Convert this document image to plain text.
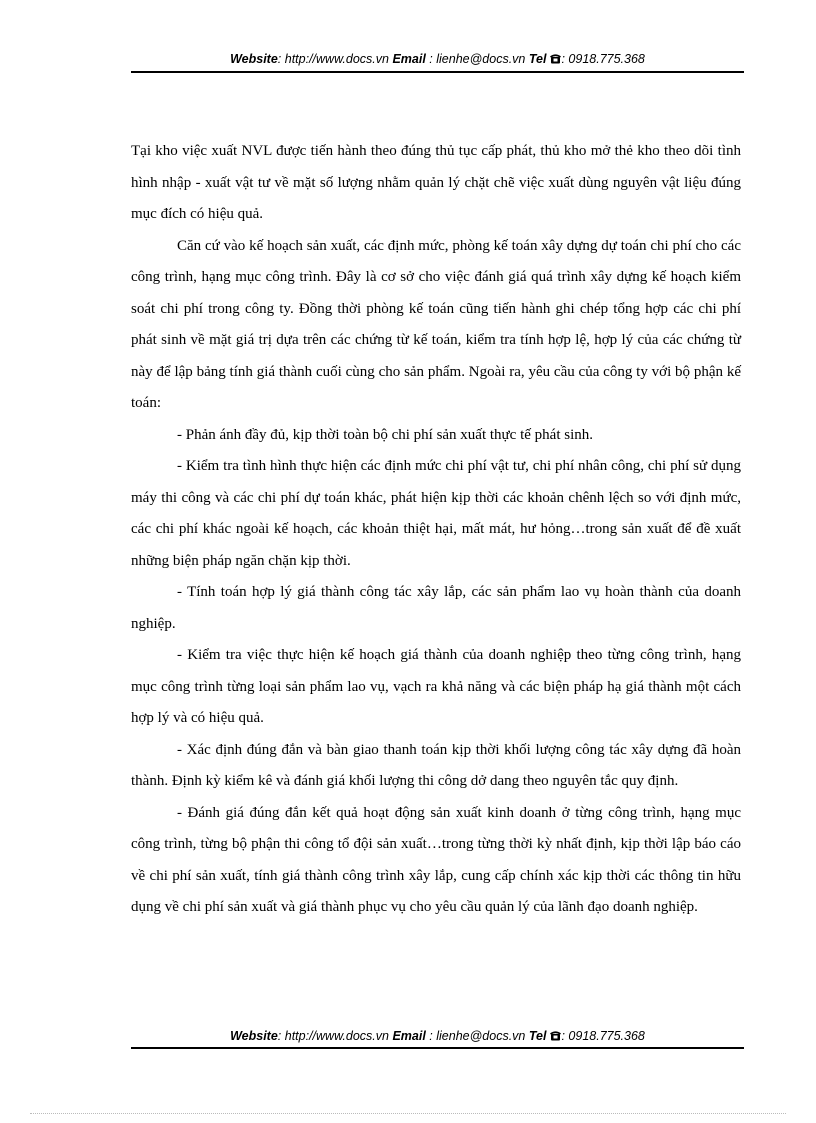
Website: http://www.docs.vn Email : lienhe@docs.vn Tel : 0918.775.368

Tại kho việc xuất NVL được tiến hành theo đúng thủ tục cấp phát, thủ kho mở thẻ kho theo dõi tình hình nhập - xuất vật tư về mặt số lượng nhằm quản lý chặt chẽ việc xuất dùng nguyên vật liệu đúng mục đích có hiệu quả.

Căn cứ vào kế hoạch sản xuất, các định mức, phòng kế toán xây dựng dự toán chi phí cho các công trình, hạng mục công trình. Đây là cơ sở cho việc đánh giá quá trình xây dựng kế hoạch kiểm soát chi phí trong công ty. Đồng thời phòng kế toán cũng tiến hành ghi chép tổng hợp các chi phí phát sinh về mặt giá trị dựa trên các chứng từ kế toán, kiểm tra tính hợp lệ, hợp lý của các chứng từ này để lập bảng tính giá thành cuối cùng cho sản phẩm. Ngoài ra, yêu cầu của công ty với bộ phận kế toán:

- Phản ánh đầy đủ, kịp thời toàn bộ chi phí sản xuất thực tế phát sinh.

- Kiểm tra tình hình thực hiện các định mức chi phí vật tư, chi phí nhân công, chi phí sử dụng máy thi công và các chi phí dự toán khác, phát hiện kịp thời các khoản chênh lệch so với định mức, các chi phí khác ngoài kế hoạch, các khoản thiệt hại, mất mát, hư hỏng…trong sản xuất để đề xuất những biện pháp ngăn chặn kịp thời.

- Tính toán hợp lý giá thành công tác xây lắp, các sản phẩm lao vụ hoàn thành của doanh nghiệp.

- Kiểm tra việc thực hiện kế hoạch giá thành của doanh nghiệp theo từng công trình, hạng mục công trình từng loại sản phẩm lao vụ, vạch ra khả năng và các biện pháp hạ giá thành một cách hợp lý và có hiệu quả.

- Xác định đúng đắn và bàn giao thanh toán kịp thời khối lượng công tác xây dựng đã hoàn thành. Định kỳ kiểm kê và đánh giá khối lượng thi công dở dang theo nguyên tắc quy định.

- Đánh giá đúng đắn kết quả hoạt động sản xuất kinh doanh ở từng công trình, hạng mục công trình, từng bộ phận thi công tổ đội sản xuất…trong từng thời kỳ nhất định, kịp thời lập báo cáo về chi phí sản xuất, tính giá thành công trình xây lắp, cung cấp chính xác kịp thời các thông tin hữu dụng về chi phí sản xuất và giá thành phục vụ cho yêu cầu quản lý của lãnh đạo doanh nghiệp.

Website: http://www.docs.vn Email : lienhe@docs.vn Tel : 0918.775.368
